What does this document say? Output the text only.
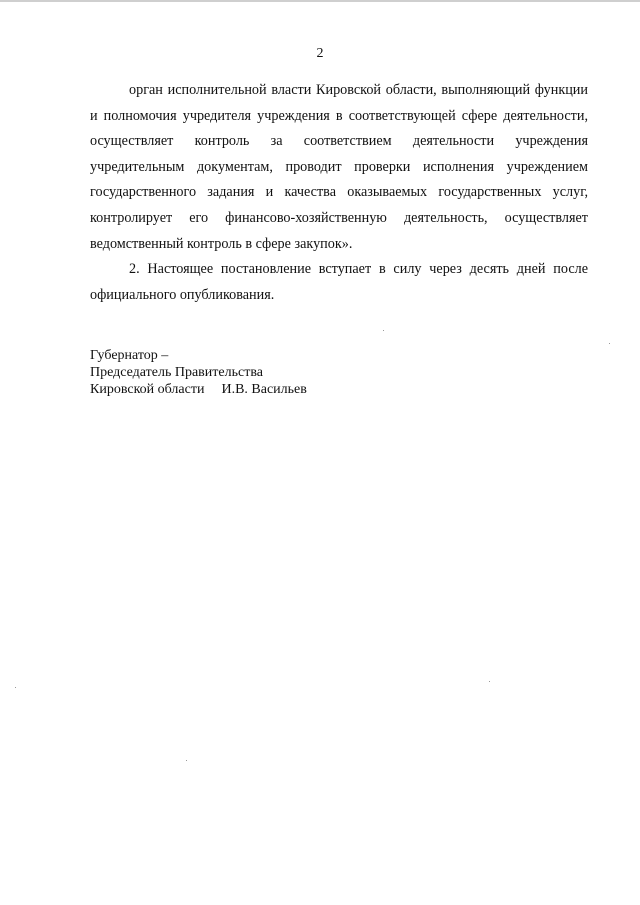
2

орган исполнительной власти Кировской области, выполняющий функции и полномочия учредителя учреждения в соответствующей сфере деятельности, осуществляет контроль за соответствием деятельности учреждения учредительным документам, проводит проверки исполнения учреждением государственного задания и качества оказываемых государственных услуг, контролирует его финансово-хозяйственную деятельность, осуществляет ведомственный контроль в сфере закупок».

2. Настоящее постановление вступает в силу через десять дней после официального опубликования.

Губернатор –
Председатель Правительства
Кировской области И.В. Васильев
